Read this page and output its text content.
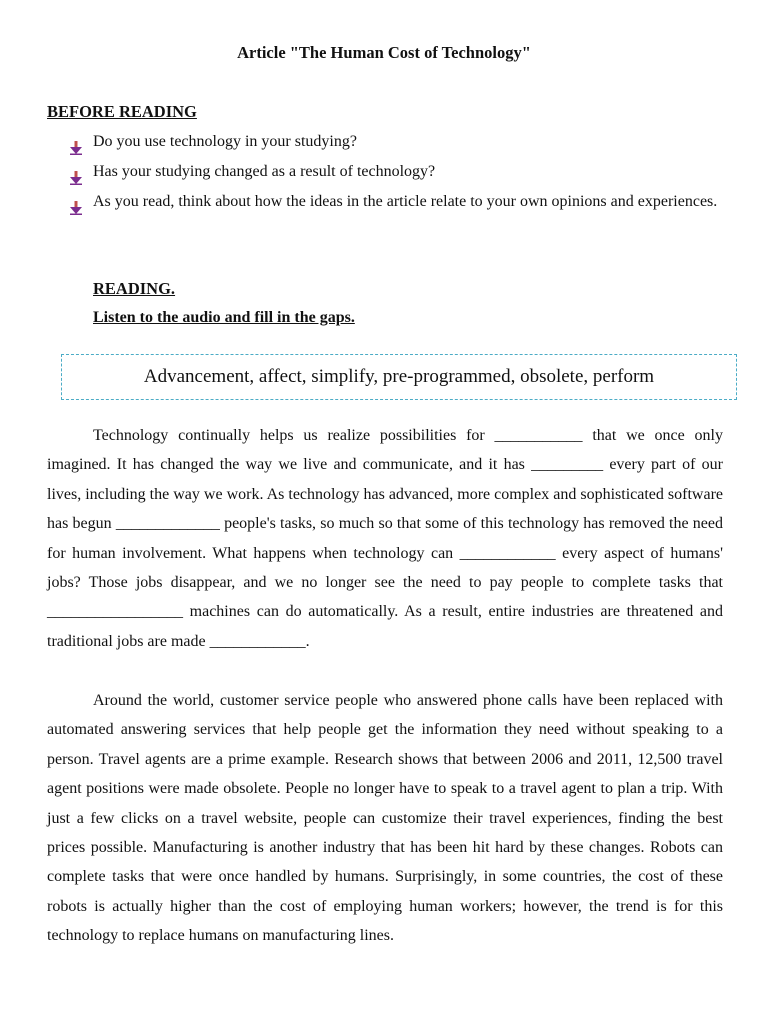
Article "The Human Cost of Technology"
BEFORE READING
Do you use technology in your studying?
Has your studying changed as a result of technology?
As you read, think about how the ideas in the article relate to your own opinions and experiences.
READING.
Listen to the audio and fill in the gaps.
Advancement, affect, simplify, pre-programmed, obsolete, perform
Technology continually helps us realize possibilities for ___________ that we once only imagined. It has changed the way we live and communicate, and it has _________ every part of our lives, including the way we work. As technology has advanced, more complex and sophisticated software has begun _____________ people's tasks, so much so that some of this technology has removed the need for human involvement. What happens when technology can ____________ every aspect of humans' jobs? Those jobs disappear, and we no longer see the need to pay people to complete tasks that _________________ machines can do automatically. As a result, entire industries are threatened and traditional jobs are made ____________.
Around the world, customer service people who answered phone calls have been replaced with automated answering services that help people get the information they need without speaking to a person. Travel agents are a prime example. Research shows that between 2006 and 2011, 12,500 travel agent positions were made obsolete. People no longer have to speak to a travel agent to plan a trip. With just a few clicks on a travel website, people can customize their travel experiences, finding the best prices possible. Manufacturing is another industry that has been hit hard by these changes. Robots can complete tasks that were once handled by humans. Surprisingly, in some countries, the cost of these robots is actually higher than the cost of employing human workers; however, the trend is for this technology to replace humans on manufacturing lines.
